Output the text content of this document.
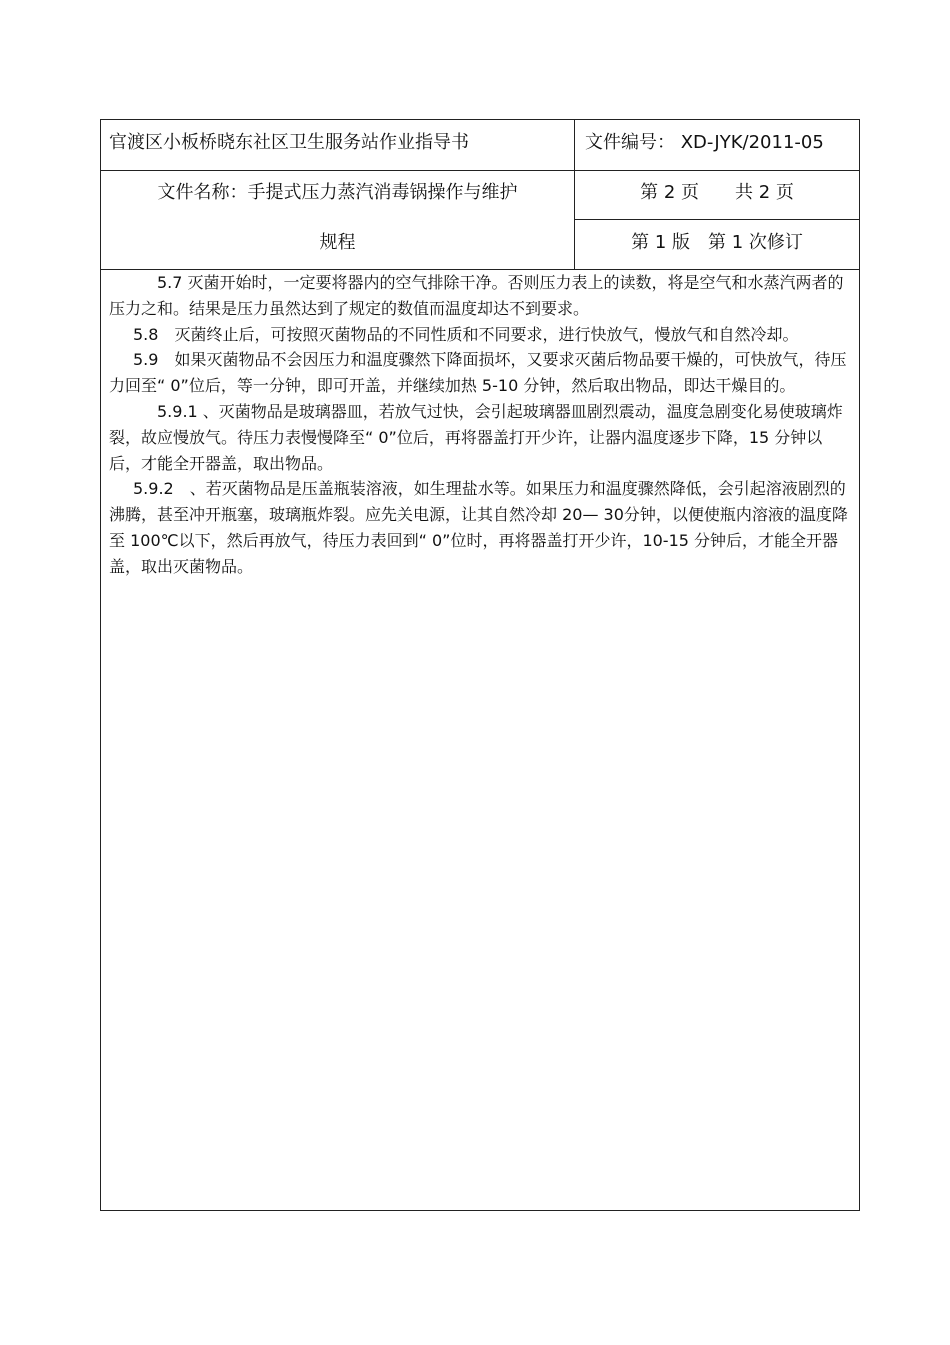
官渡区小板桥晓东社区卫生服务站作业指导书	文件编号： XD-JYK/2011-05
文件名称：手提式压力蒸汽消毒锅操作与维护
规程
第 2 页　　共 2 页
第 1 版　第 1 次修订

5.7 灭菌开始时，一定要将器内的空气排除干净。否则压力表上的读数，将是空气和水蒸汽两者的压力之和。结果是压力虽然达到了规定的数值而温度却达不到要求。

5.8　灭菌终止后，可按照灭菌物品的不同性质和不同要求，进行快放气，慢放气和自然冷却。

5.9　如果灭菌物品不会因压力和温度骤然下降面损坏，又要求灭菌后物品要干燥的，可快放气，待压力回至“ 0”位后，等一分钟，即可开盖，并继续加热 5-10 分钟，然后取出物品，即达干燥目的。

5.9.1 、灭菌物品是玻璃器皿，若放气过快，会引起玻璃器皿剧烈震动，温度急剧变化易使玻璃炸裂，故应慢放气。待压力表慢慢降至“ 0”位后，再将器盖打开少许，让器内温度逐步下降，15 分钟以后，才能全开器盖，取出物品。

5.9.2　、若灭菌物品是压盖瓶装溶液，如生理盐水等。如果压力和温度骤然降低，会引起溶液剧烈的沸腾，甚至冲开瓶塞，玻璃瓶炸裂。应先关电源，让其自然冷却 20— 30分钟，以便使瓶内溶液的温度降至 100℃以下，然后再放气，待压力表回到“ 0”位时，再将器盖打开少许，10-15 分钟后，才能全开器盖，取出灭菌物品。
